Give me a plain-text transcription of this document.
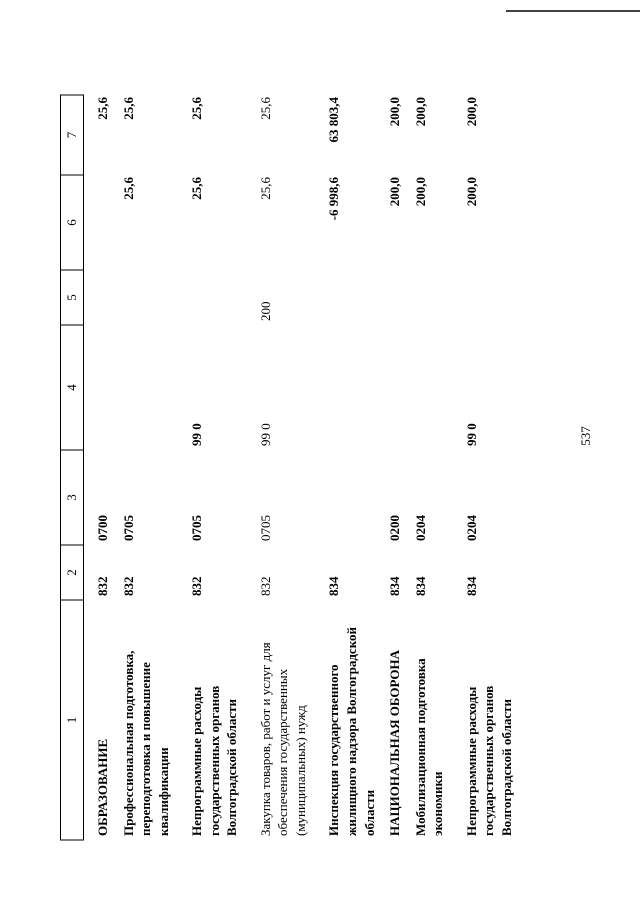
537
1	2	3	4	5	6	7
ОБРАЗОВАНИЕ	832	0700				25,6
Профессиональная подготовка, переподготовка и повышение квалификации	832	0705			25,6	25,6
Непрограммные расходы государственных органов Волгоградской области	832	0705	99 0		25,6	25,6
Закупка товаров, работ и услуг для обеспечения государственных (муниципальных) нужд	832	0705	99 0	200	25,6	25,6
Инспекция государственного жилищного надзора Волгоградской области	834				-6 998,6	63 803,4
НАЦИОНАЛЬНАЯ ОБОРОНА	834	0200			200,0	200,0
Мобилизационная подготовка экономики	834	0204			200,0	200,0
Непрограммные расходы государственных органов Волгоградской области	834	0204	99 0		200,0	200,0
